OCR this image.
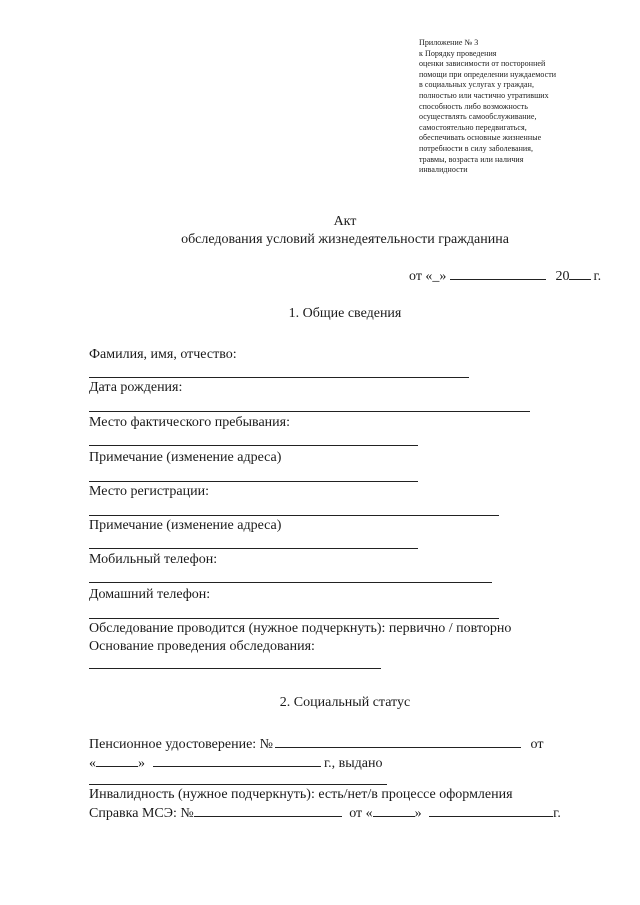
Приложение № 3
к Порядку проведения
оценки зависимости от посторонней
помощи при определении нуждаемости
в социальных услугах у граждан,
полностью или частично утративших
способность либо возможность
осуществлять самообслуживание,
самостоятельно передвигаться,
обеспечивать основные жизненные
потребности в силу заболевания,
травмы, возраста или наличия
инвалидности
Акт
обследования условий жизнедеятельности гражданина
от «_»	20 г.
1. Общие сведения
Фамилия, имя, отчество:
Дата рождения:
Место фактического пребывания:
Примечание (изменение адреса)
Место регистрации:
Примечание (изменение адреса)
Мобильный телефон:
Домашний телефон:
Обследование проводится (нужное подчеркнуть): первично / повторно
Основание проведения обследования:
2. Социальный статус
Пенсионное удостоверение: №	от
«	»	г., выдано
Инвалидность (нужное подчеркнуть): есть/нет/в процессе оформления
Справка МСЭ: №	от «	»	г.
